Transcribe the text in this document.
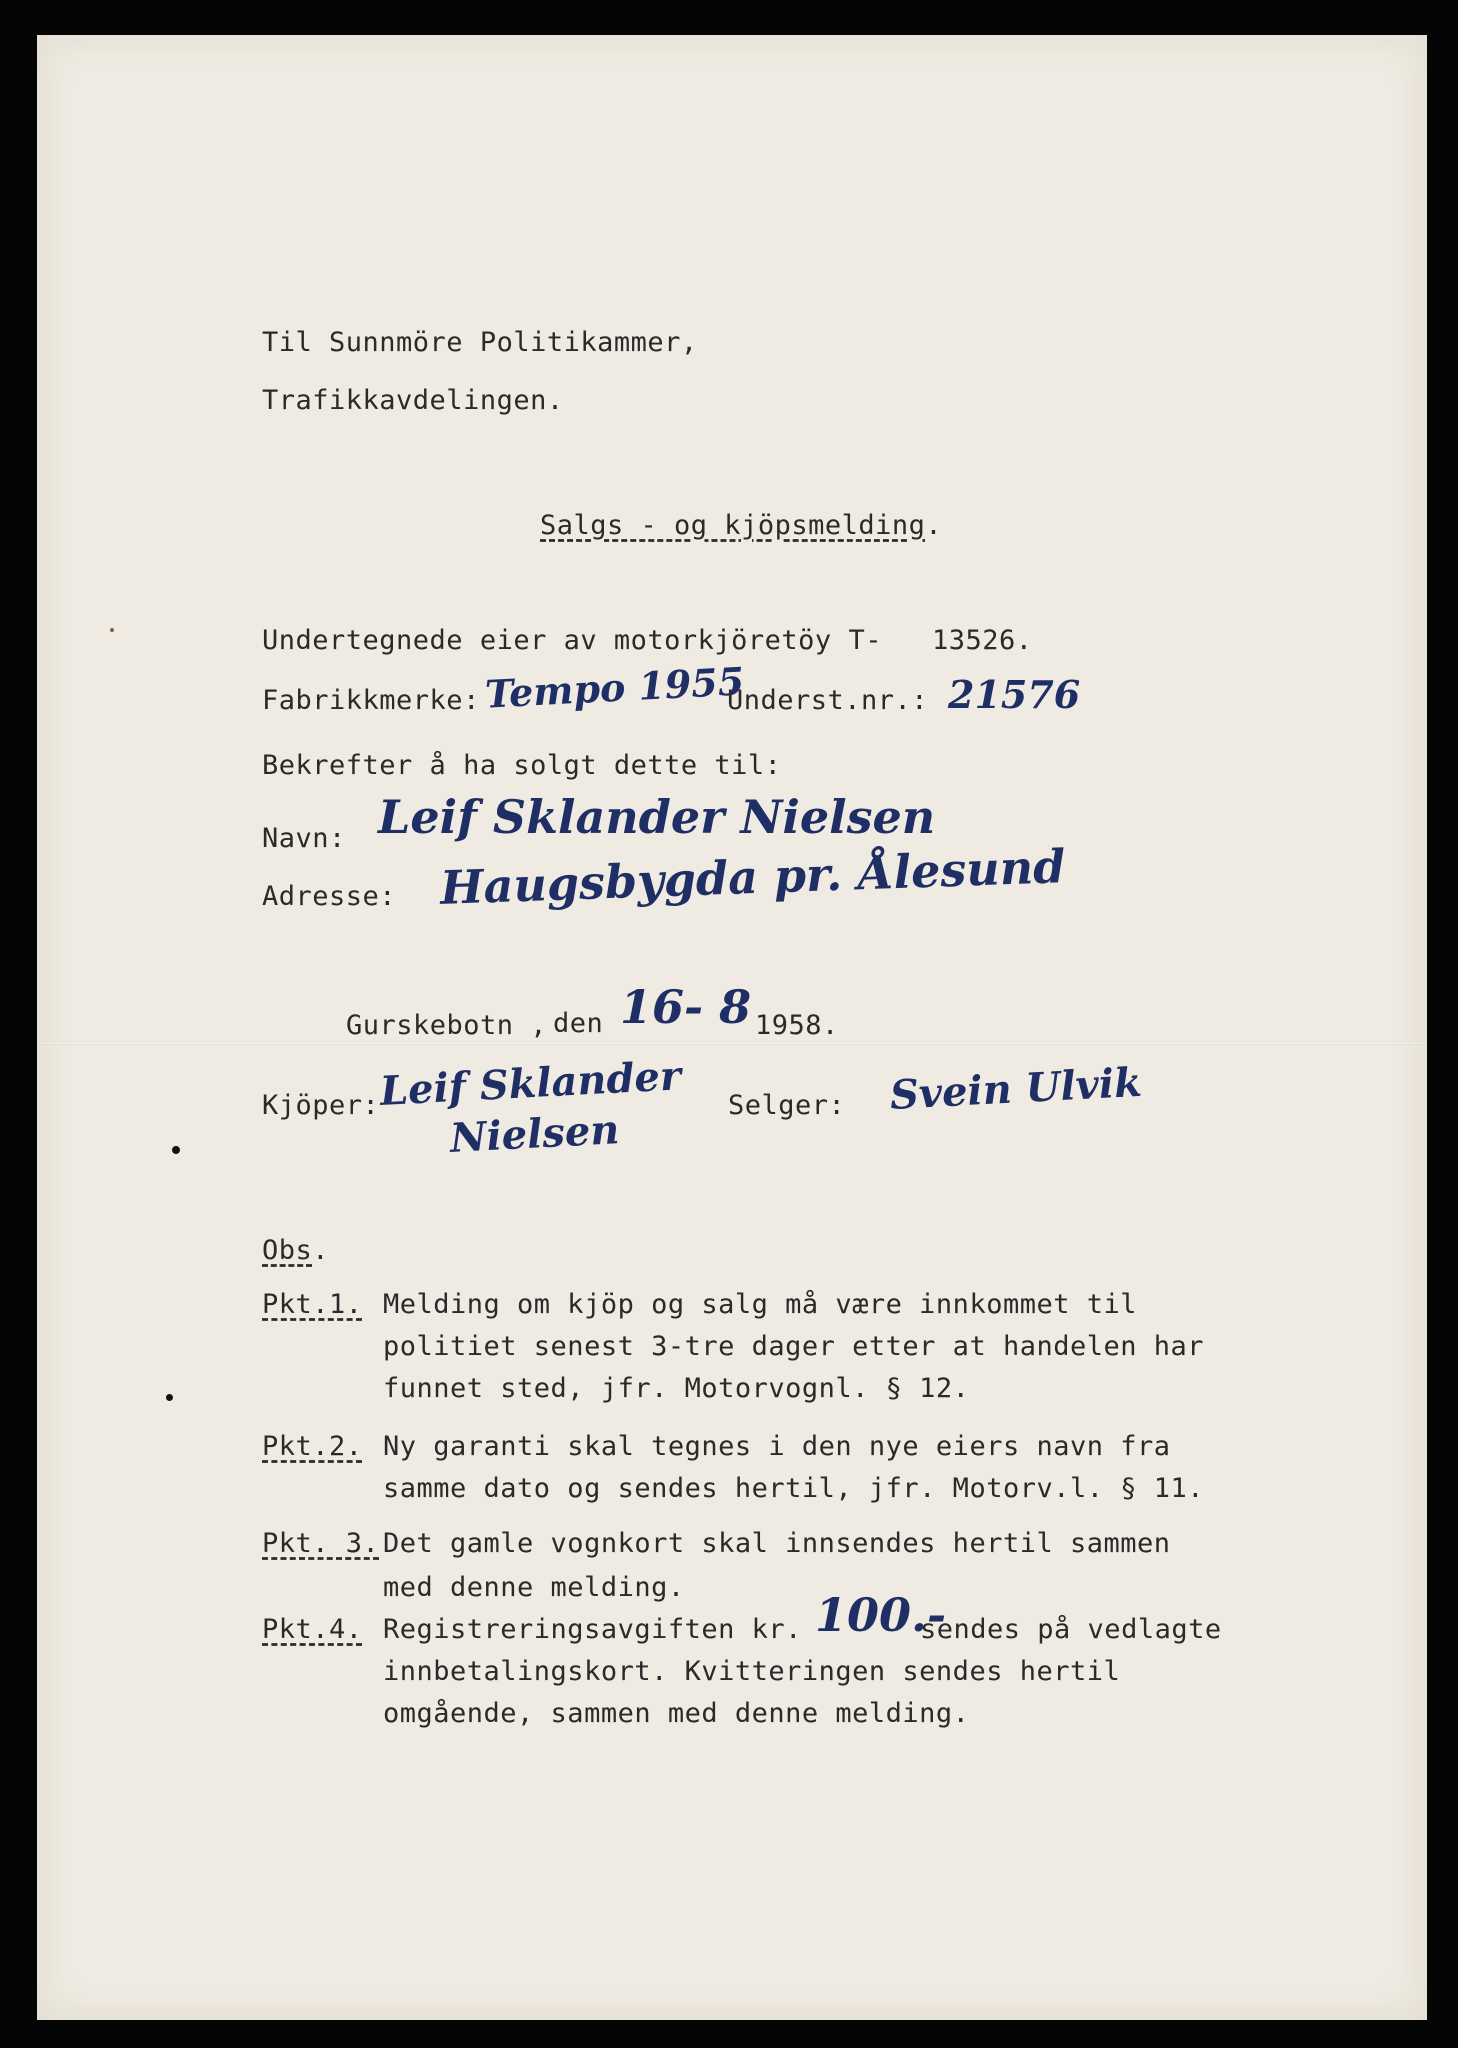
Til Sunnmöre Politikammer,
Trafikkavdelingen.
Salgs - og kjöpsmelding.
Undertegnede eier av motorkjöretöy T- 13526.
Fabrikkmerke: Tempo 1955
Underst.nr.: 21576
Bekrefter å ha solgt dette til:
Navn: Leif Sklander Nielsen
Adresse: Haugsbygda pr. Ålesund
Gurskebotn , den 16- 8 1958.
Kjöper: Leif Sklander
Nielsen
Selger: Svein Ulvik
Obs.
Pkt.1. Melding om kjöp og salg må være innkommet til
politiet senest 3-tre dager etter at handelen har
funnet sted, jfr. Motorvognl. § 12.
Pkt.2. Ny garanti skal tegnes i den nye eiers navn fra
samme dato og sendes hertil, jfr. Motorv.l. § 11.
Pkt. 3. Det gamle vognkort skal innsendes hertil sammen
med denne melding.
Pkt.4. Registreringsavgiften kr. 100.-
sendes på vedlagte
innbetalingskort. Kvitteringen sendes hertil
omgående, sammen med denne melding.
